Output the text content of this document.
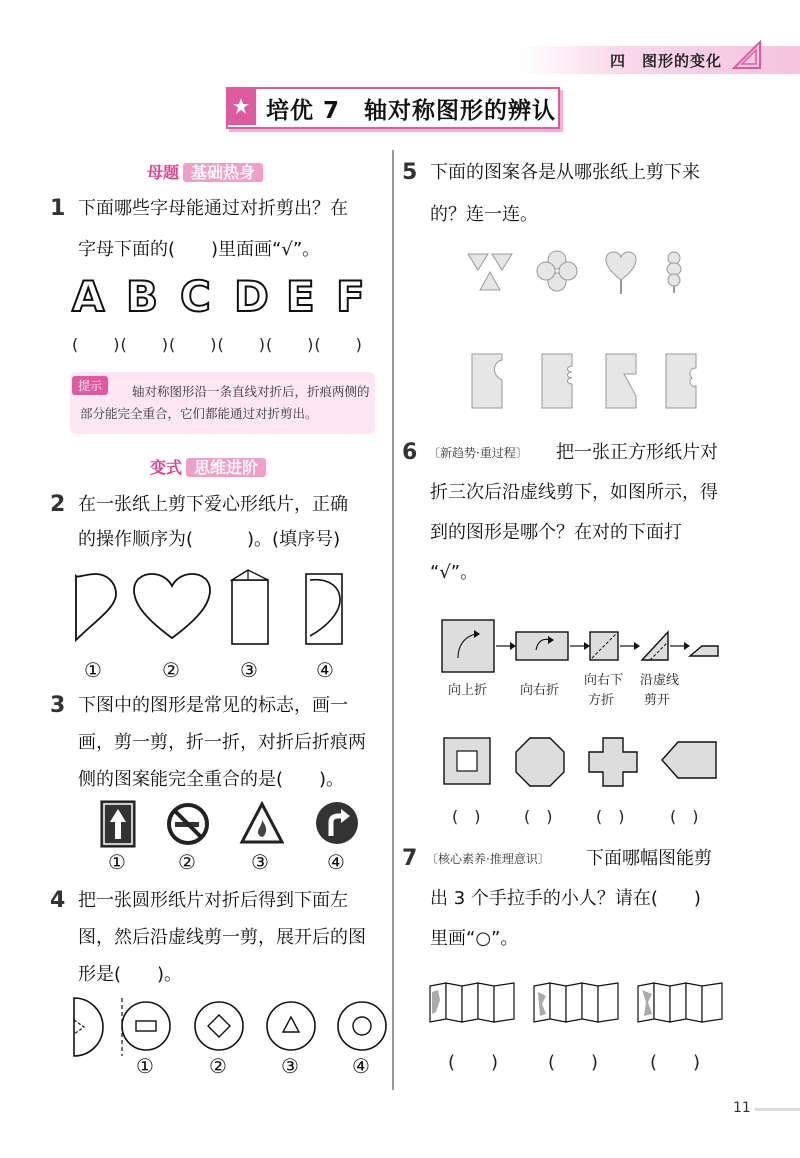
四　图形的变化
培优 7　轴对称图形的辨认
母题 基础热身
1 下面哪些字母能通过对折剪出？在
字母下面的(　　)里面画“√”。
A B C D E F
(　　)(　　)(　　)(　　)(　　)(　　)
提示	轴对称图形沿一条直线对折后，折痕两侧的部分能完全重合，它们都能通过对折剪出。
变式 思维进阶
2 在一张纸上剪下爱心形纸片，正确
的操作顺序为(　　　)。(填序号)
①	②	③	④
3 下图中的图形是常见的标志，画一
画，剪一剪，折一折，对折后折痕两
侧的图案能完全重合的是(　　)。
①	②	③	④
4 把一张圆形纸片对折后得到下面左
图，然后沿虚线剪一剪，展开后的图
形是(　　)。
①	②	③	④
5 下面的图案各是从哪张纸上剪下来
的？连一连。
6 〔新趋势·重过程〕 把一张正方形纸片对
折三次后沿虚线剪下，如图所示，得
到的图形是哪个？在对的下面打
“√”。
向上折	向右折
向右下
方折
沿虚线
剪开
(　)	(　)	(　)	(　)
7 〔核心素养·推理意识〕 下面哪幅图能剪
出 3 个手拉手的小人？请在(　　)
里画“○”。
(　　)	(　　)	(　　)
11
